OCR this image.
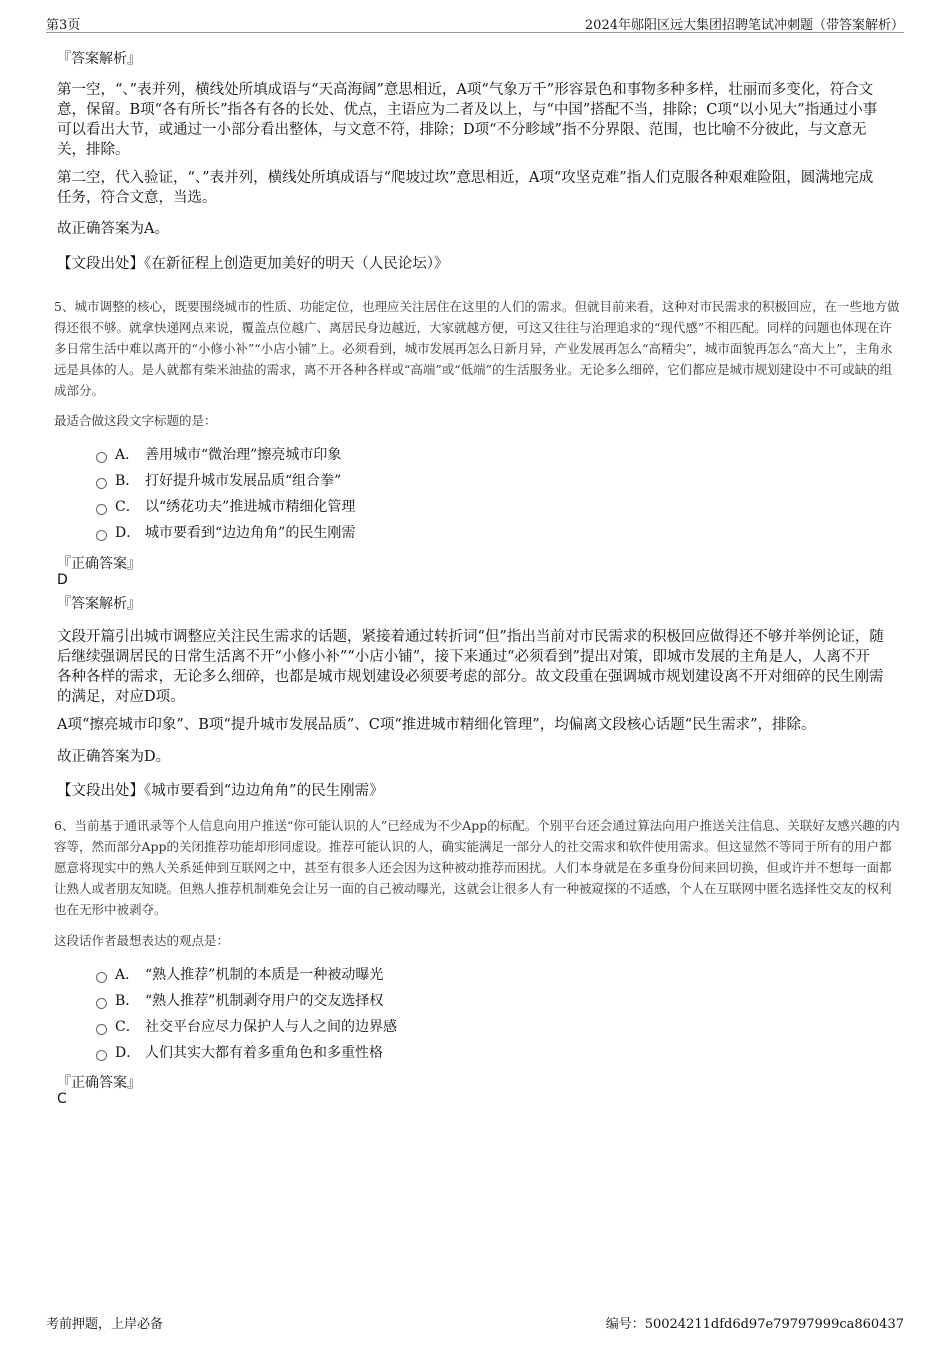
第3页	2024年郧阳区远大集团招聘笔试冲刺题（带答案解析）
『答案解析』

第一空，“、”表并列，横线处所填成语与“天高海阔”意思相近，A项“气象万千”形容景色和事物多种多样，壮丽而多变化，符合文意，保留。B项“各有所长”指各有各的长处、优点，主语应为二者及以上，与“中国”搭配不当，排除；C项“以小见大”指通过小事可以看出大节，或通过一小部分看出整体，与文意不符，排除；D项“不分畛域”指不分界限、范围，也比喻不分彼此，与文意无关，排除。

第二空，代入验证，“、”表并列，横线处所填成语与“爬坡过坎”意思相近，A项“攻坚克难”指人们克服各种艰难险阻，圆满地完成任务，符合文意，当选。

故正确答案为A。

【文段出处】《在新征程上创造更加美好的明天（人民论坛）》

5、城市调整的核心，既要围绕城市的性质、功能定位，也理应关注居住在这里的人们的需求。但就目前来看，这种对市民需求的积极回应，在一些地方做得还很不够。就拿快递网点来说，覆盖点位越广、离居民身边越近，大家就越方便，可这又往往与治理追求的“现代感”不相匹配。同样的问题也体现在许多日常生活中难以离开的“小修小补”“小店小铺”上。必须看到，城市发展再怎么日新月异，产业发展再怎么“高精尖”，城市面貌再怎么“高大上”，主角永远是具体的人。是人就都有柴米油盐的需求，离不开各种各样或“高端”或“低端”的生活服务业。无论多么细碎，它们都应是城市规划建设中不可或缺的组成部分。

最适合做这段文字标题的是：
A． 善用城市“微治理”擦亮城市印象
B． 打好提升城市发展品质“组合拳”
C． 以“绣花功夫”推进城市精细化管理
D． 城市要看到“边边角角”的民生刚需
『正确答案』
D
『答案解析』

文段开篇引出城市调整应关注民生需求的话题，紧接着通过转折词“但”指出当前对市民需求的积极回应做得还不够并举例论证，随后继续强调居民的日常生活离不开“小修小补”“小店小铺”，接下来通过“必须看到”提出对策，即城市发展的主角是人，人离不开各种各样的需求，无论多么细碎，也都是城市规划建设必须要考虑的部分。故文段重在强调城市规划建设离不开对细碎的民生刚需的满足，对应D项。

A项“擦亮城市印象”、B项“提升城市发展品质”、C项“推进城市精细化管理”，均偏离文段核心话题“民生需求”，排除。

故正确答案为D。

【文段出处】《城市要看到“边边角角”的民生刚需》

6、当前基于通讯录等个人信息向用户推送“你可能认识的人”已经成为不少App的标配。个别平台还会通过算法向用户推送关注信息、关联好友感兴趣的内容等，然而部分App的关闭推荐功能却形同虚设。推荐可能认识的人，确实能满足一部分人的社交需求和软件使用需求。但这显然不等同于所有的用户都愿意将现实中的熟人关系延伸到互联网之中，甚至有很多人还会因为这种被动推荐而困扰。人们本身就是在多重身份间来回切换，但或许并不想每一面都让熟人或者朋友知晓。但熟人推荐机制难免会让另一面的自己被动曝光，这就会让很多人有一种被窥探的不适感，个人在互联网中匿名选择性交友的权利也在无形中被剥夺。

这段话作者最想表达的观点是：
A． “熟人推荐”机制的本质是一种被动曝光
B． “熟人推荐”机制剥夺用户的交友选择权
C． 社交平台应尽力保护人与人之间的边界感
D． 人们其实大都有着多重角色和多重性格
『正确答案』
C
考前押题，上岸必备	编号：50024211dfd6d97e79797999ca860437
